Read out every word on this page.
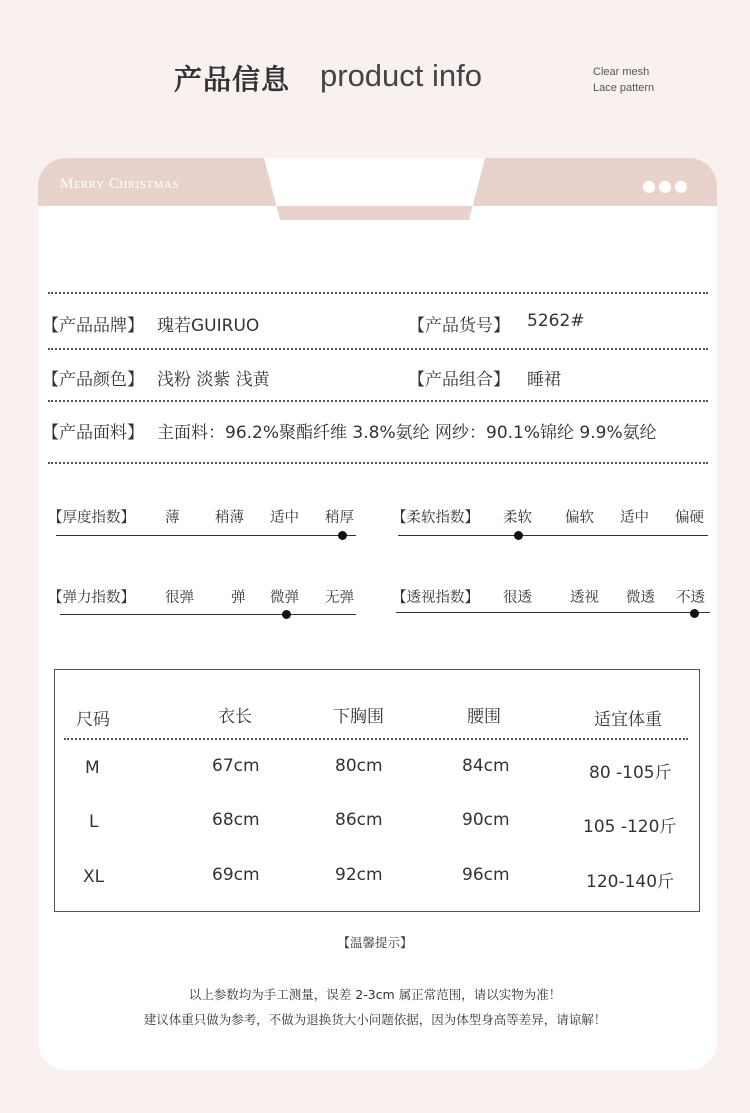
产品信息 product info	Clear mesh
Lace pattern
Merry Christmas	●●●
【产品品牌】 瑰若GUIRUO	【产品货号】 5262#
【产品颜色】 浅粉 淡紫 浅黄	【产品组合】 睡裙
【产品面料】 主面料：96.2%聚酯纤维 3.8%氨纶 网纱：90.1%锦纶 9.9%氨纶
【厚度指数】 薄 稍薄 适中 稍厚	【柔软指数】 柔软 偏软 适中 偏硬
【弹力指数】 很弹	弹 微弹 无弹	【透视指数】 很透	透视 微透 不透
尺码	衣长	下胸围	腰围	适宜体重
M	67cm	80cm	84cm	80 -105斤
L	68cm	86cm	90cm	105 -120斤
XL	69cm	92cm	96cm	120-140斤
【温馨提示】
以上参数均为手工测量，误差 2-3cm 属正常范围，请以实物为准！
建议体重只做为参考，不做为退换货大小问题依据，因为体型身高等差异，请谅解！
